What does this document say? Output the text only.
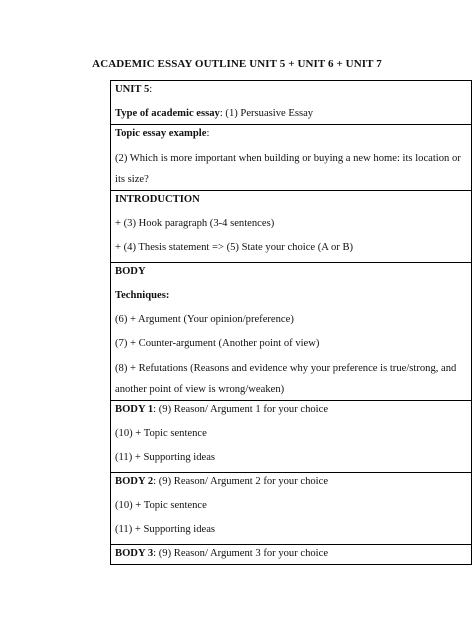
ACADEMIC ESSAY OUTLINE UNIT 5 + UNIT 6 + UNIT 7

UNIT 5:

Type of academic essay: (1) Persuasive Essay

Topic essay example:

(2) Which is more important when building or buying a new home: its location or its size?

INTRODUCTION

+ (3) Hook paragraph (3-4 sentences)

+ (4) Thesis statement => (5) State your choice (A or B)

BODY

Techniques:

(6) + Argument (Your opinion/preference)

(7) + Counter-argument (Another point of view)

(8) + Refutations (Reasons and evidence why your preference is true/strong, and another point of view is wrong/weaken)

BODY 1: (9) Reason/ Argument 1 for your choice

(10) + Topic sentence

(11) + Supporting ideas

BODY 2: (9) Reason/ Argument 2 for your choice

(10) + Topic sentence

(11) + Supporting ideas

BODY 3: (9) Reason/ Argument 3 for your choice
